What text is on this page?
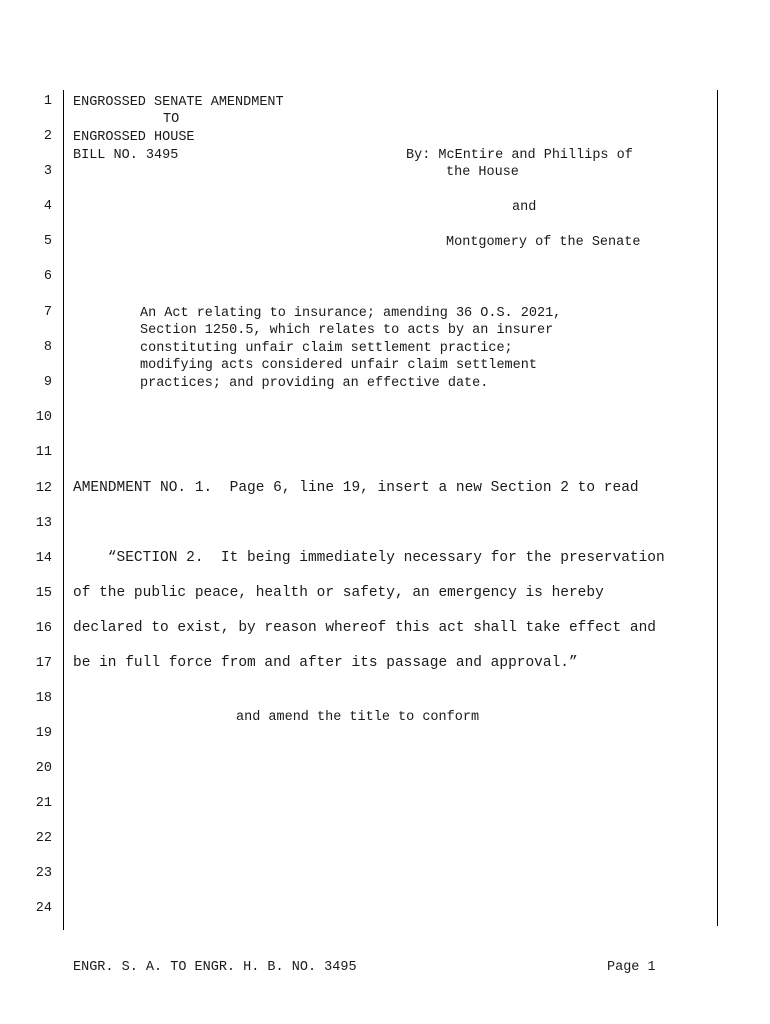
1
2
3
4
5
6
7
8
9
10
11
12
13
14
15
16
17
18
19
20
21
22
23
24
ENGROSSED SENATE AMENDMENT
TO
ENGROSSED HOUSE
BILL NO. 3495	By: McEntire and Phillips of
the House
and
Montgomery of the Senate
An Act relating to insurance; amending 36 O.S. 2021,
Section 1250.5, which relates to acts by an insurer
constituting unfair claim settlement practice;
modifying acts considered unfair claim settlement
practices; and providing an effective date.
AMENDMENT NO. 1.  Page 6, line 19, insert a new Section 2 to read
“SECTION 2.  It being immediately necessary for the preservation
of the public peace, health or safety, an emergency is hereby
declared to exist, by reason whereof this act shall take effect and
be in full force from and after its passage and approval.”
and amend the title to conform
ENGR. S. A. TO ENGR. H. B. NO. 3495	Page 1
